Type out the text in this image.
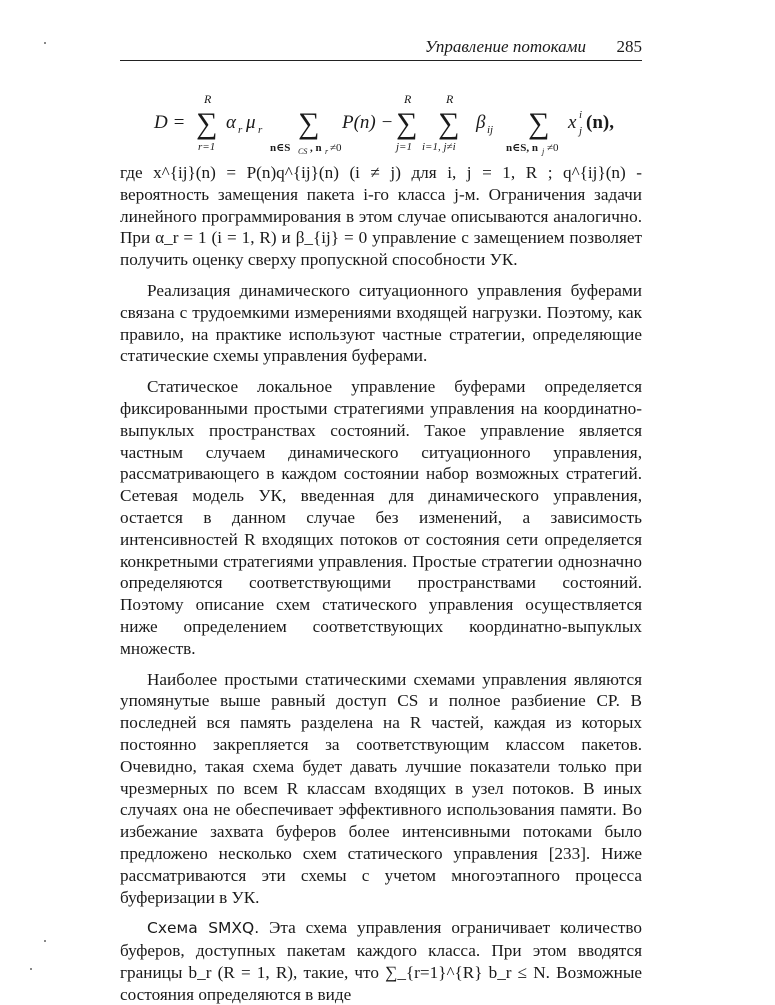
Управление потоками 285
D =
R
∑
r=1
α r μ r ∑
n∈S CS , n r ≠0
P(n) −
R
∑
j=1
R
∑
i=1, j≠i
β ij ∑
n∈S, n j ≠0
x i
j (n),

где x^{ij}(n) = P(n)q^{ij}(n) (i ≠ j) для i, j = 1, R ; q^{ij}(n) - вероятность замещения пакета i-го класса j-м. Ограничения задачи линейного программирования в этом случае описываются аналогично. При α_r = 1 (i = 1, R) и β_{ij} = 0 управление с замещением позволяет получить оценку сверху пропускной способности УК.

Реализация динамического ситуационного управления буферами связана с трудоемкими измерениями входящей нагрузки. Поэтому, как правило, на практике используют частные стратегии, определяющие статические схемы управления буферами.

Статическое локальное управление буферами определяется фиксированными простыми стратегиями управления на координатно-выпуклых пространствах состояний. Такое управление является частным случаем динамического ситуационного управления, рассматривающего в каждом состоянии набор возможных стратегий. Сетевая модель УК, введенная для динамического управления, остается в данном случае без изменений, а зависимость интенсивностей R входящих потоков от состояния сети определяется конкретными стратегиями управления. Простые стратегии однозначно определяются соответствующими пространствами состояний. Поэтому описание схем статического управления осуществляется ниже определением соответствующих координатно-выпуклых множеств.

Наиболее простыми статическими схемами управления являются упомянутые выше равный доступ CS и полное разбиение CP. В последней вся память разделена на R частей, каждая из которых постоянно закрепляется за соответствующим классом пакетов. Очевидно, такая схема будет давать лучшие показатели только при чрезмерных по всем R классам входящих в узел потоков. В иных случаях она не обеспечивает эффективного использования памяти. Во избежание захвата буферов более интенсивными потоками было предложено несколько схем статического управления [233]. Ниже рассматриваются эти схемы с учетом многоэтапного процесса буферизации в УК.

Схема SMXQ. Эта схема управления ограничивает количество буферов, доступных пакетам каждого класса. При этом вводятся границы b_r (R = 1, R), такие, что ∑_{r=1}^{R} b_r ≤ N. Возможные состояния определяются в виде
